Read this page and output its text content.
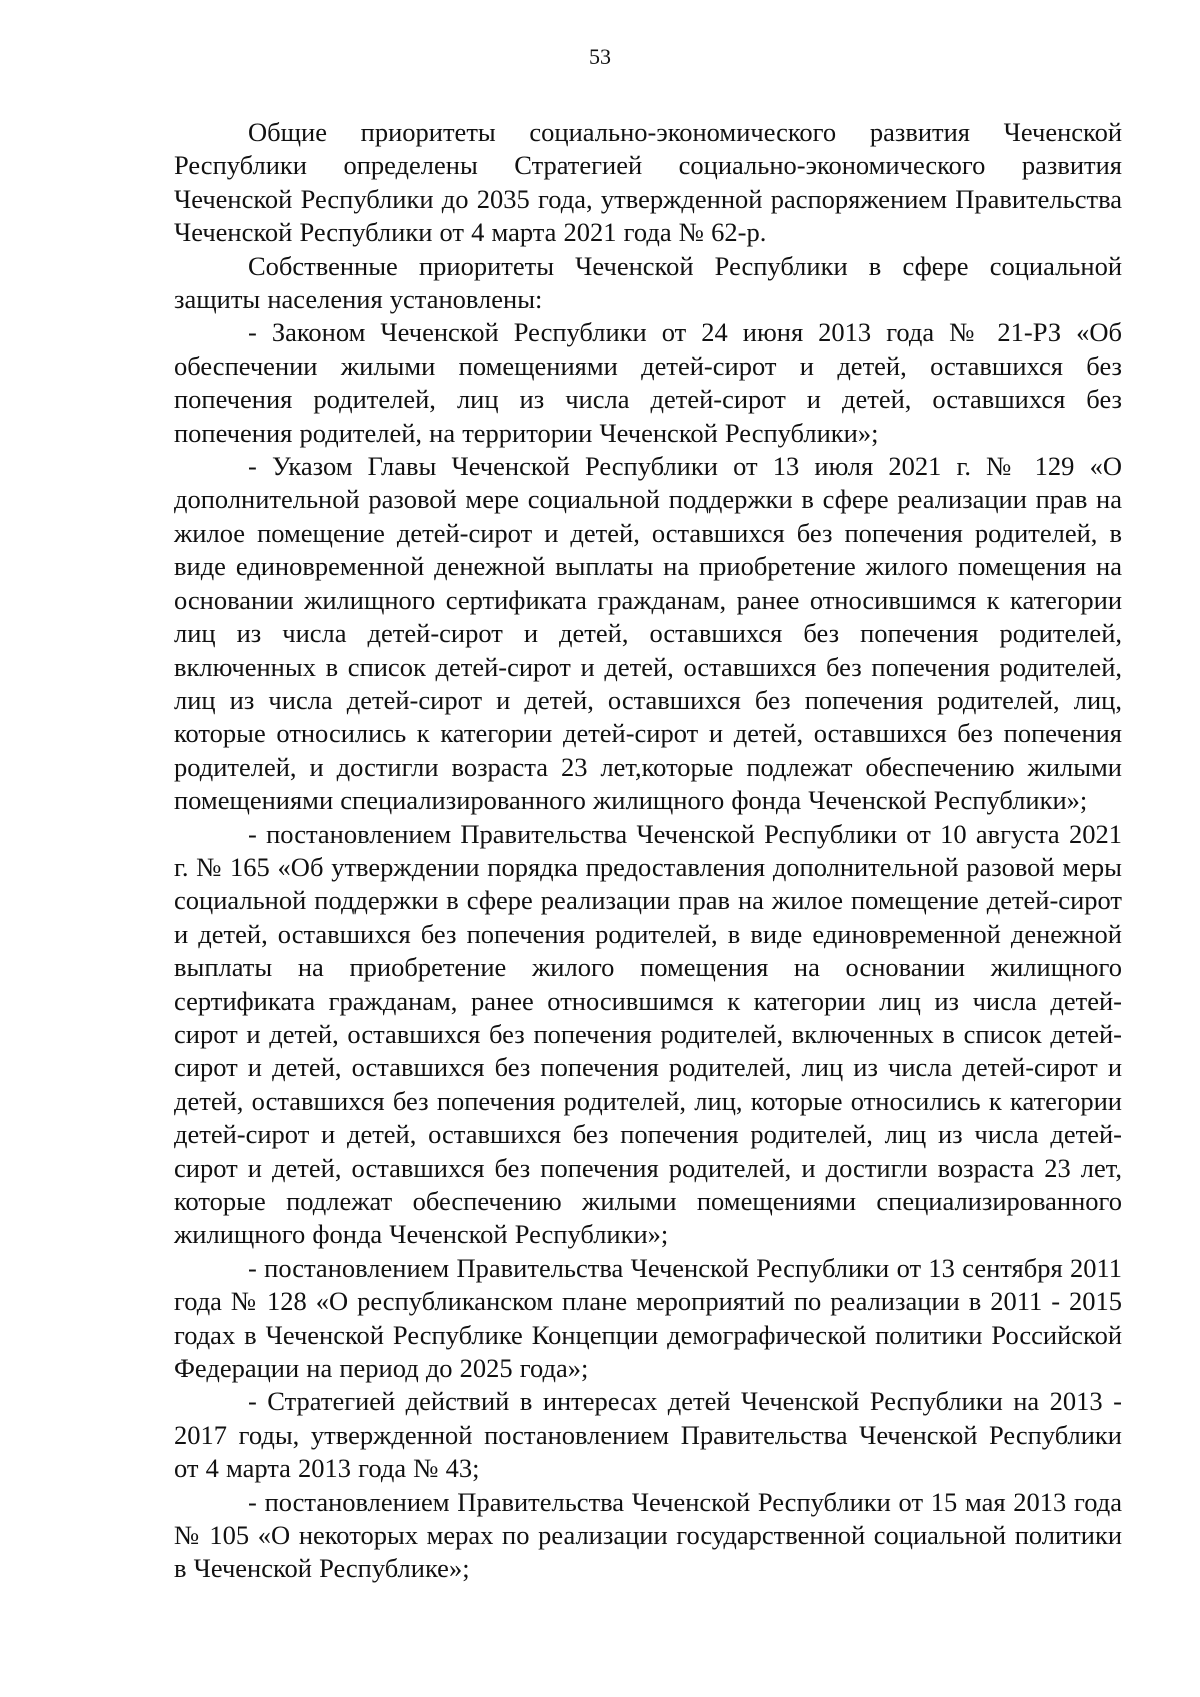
53

Общие приоритеты социально-экономического развития Чеченской Республики определены Стратегией социально-экономического развития Чеченской Республики до 2035 года, утвержденной распоряжением Правительства Чеченской Республики от 4 марта 2021 года № 62-р.

Собственные приоритеты Чеченской Республики в сфере социальной защиты населения установлены:

- Законом Чеченской Республики от 24 июня 2013 года № 21-РЗ «Об обеспечении жилыми помещениями детей-сирот и детей, оставшихся без попечения родителей, лиц из числа детей-сирот и детей, оставшихся без попечения родителей, на территории Чеченской Республики»;

- Указом Главы Чеченской Республики от 13 июля 2021 г. № 129 «О дополнительной разовой мере социальной поддержки в сфере реализации прав на жилое помещение детей-сирот и детей, оставшихся без попечения родителей, в виде единовременной денежной выплаты на приобретение жилого помещения на основании жилищного сертификата гражданам, ранее относившимся к категории лиц из числа детей-сирот и детей, оставшихся без попечения родителей, включенных в список детей-сирот и детей, оставшихся без попечения родителей, лиц из числа детей-сирот и детей, оставшихся без попечения родителей, лиц, которые относились к категории детей-сирот и детей, оставшихся без попечения родителей, и достигли возраста 23 лет,которые подлежат обеспечению жилыми помещениями специализированного жилищного фонда Чеченской Республики»;

- постановлением Правительства Чеченской Республики от 10 августа 2021 г. № 165 «Об утверждении порядка предоставления дополнительной разовой меры социальной поддержки в сфере реализации прав на жилое помещение детей-сирот и детей, оставшихся без попечения родителей, в виде единовременной денежной выплаты на приобретение жилого помещения на основании жилищного сертификата гражданам, ранее относившимся к категории лиц из числа детей-сирот и детей, оставшихся без попечения родителей, включенных в список детей-сирот и детей, оставшихся без попечения родителей, лиц из числа детей-сирот и детей, оставшихся без попечения родителей, лиц, которые относились к категории детей-сирот и детей, оставшихся без попечения родителей, лиц из числа детей-сирот и детей, оставшихся без попечения родителей, и достигли возраста 23 лет, которые подлежат обеспечению жилыми помещениями специализированного жилищного фонда Чеченской Республики»;

- постановлением Правительства Чеченской Республики от 13 сентября 2011 года № 128 «О республиканском плане мероприятий по реализации в 2011 - 2015 годах в Чеченской Республике Концепции демографической политики Российской Федерации на период до 2025 года»;

- Стратегией действий в интересах детей Чеченской Республики на 2013 - 2017 годы, утвержденной постановлением Правительства Чеченской Республики от 4 марта 2013 года № 43;

- постановлением Правительства Чеченской Республики от 15 мая 2013 года № 105 «О некоторых мерах по реализации государственной социальной политики в Чеченской Республике»;
